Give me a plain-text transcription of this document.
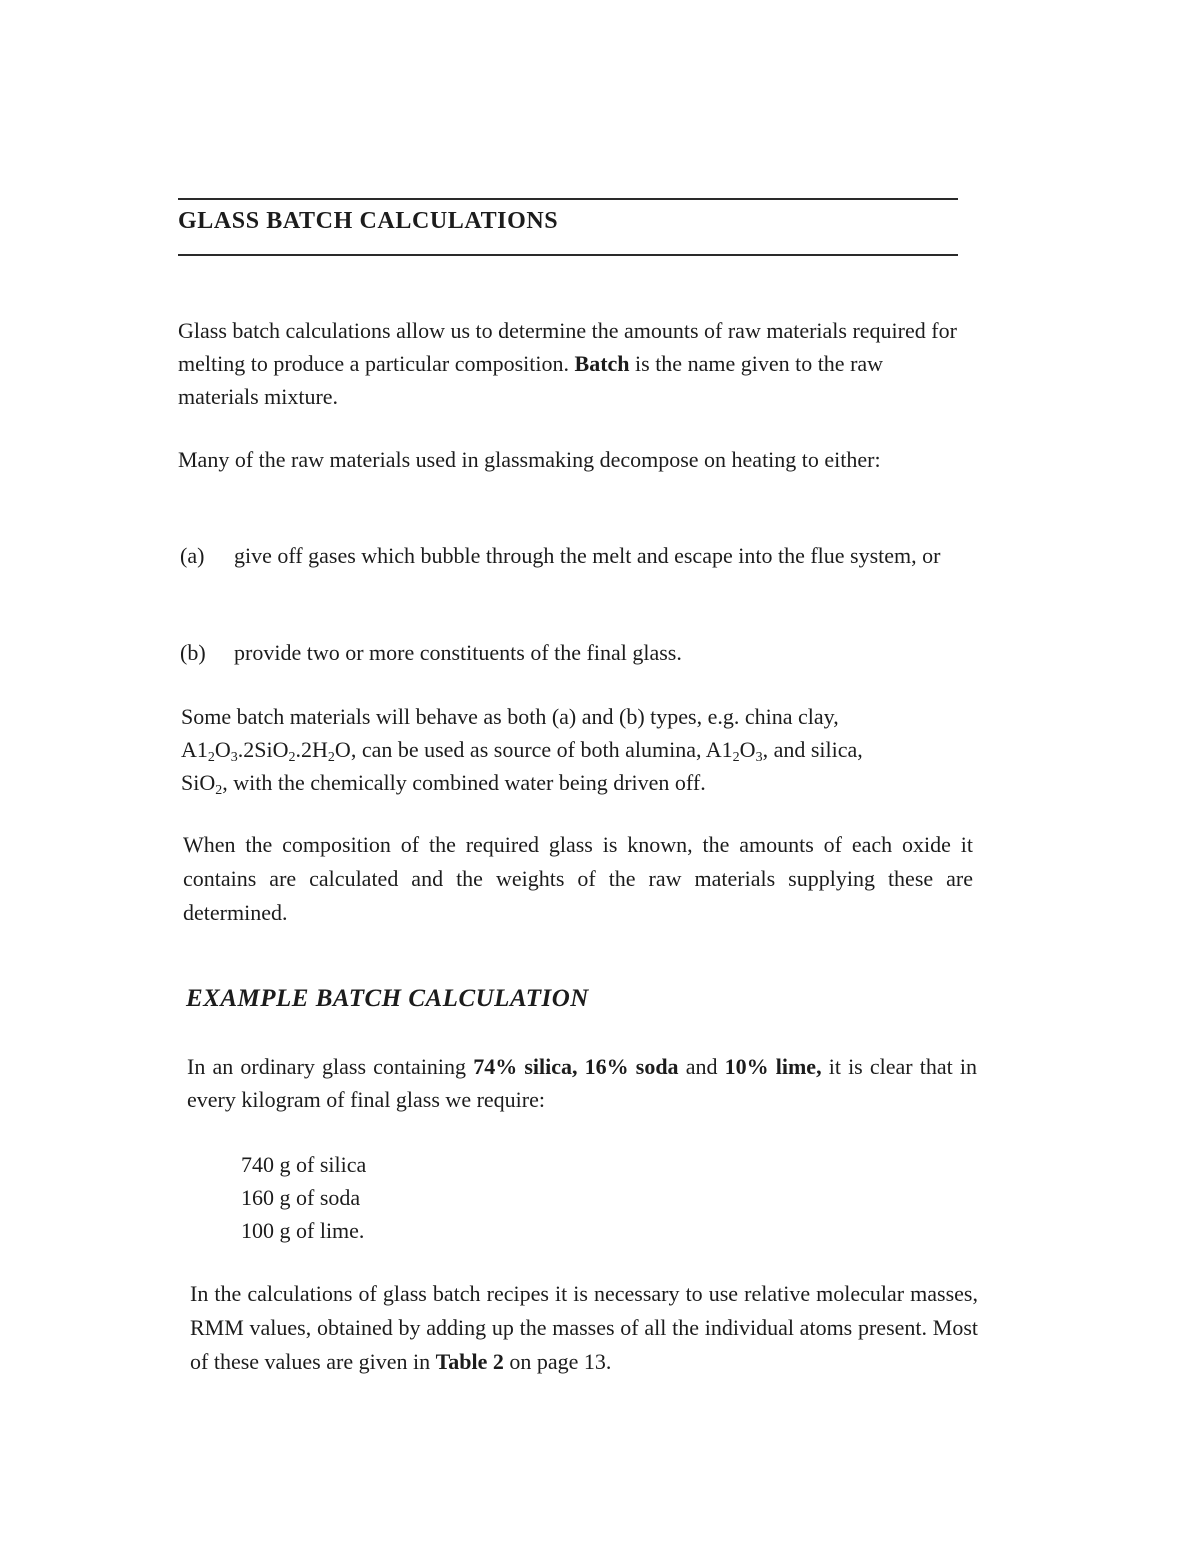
GLASS BATCH CALCULATIONS

Glass batch calculations allow us to determine the amounts of raw materials required for melting to produce a particular composition. Batch is the name given to the raw materials mixture.

Many of the raw materials used in glassmaking decompose on heating to either:

(a) give off gases which bubble through the melt and escape into the flue system, or
(b) provide two or more constituents of the final glass.

Some batch materials will behave as both (a) and (b) types, e.g. china clay,
$A1_2O_3.2SiO_2.2H_2O$, can be used as source of both alumina, $A1_2O_3$, and silica,
SiO$_2$, with the chemically combined water being driven off.

When the composition of the required glass is known, the amounts of each oxide it contains are calculated and the weights of the raw materials supplying these are determined.

EXAMPLE BATCH CALCULATION

In an ordinary glass containing 74% silica, 16% soda and 10% lime, it is clear that in every kilogram of final glass we require:

740 g of silica
160 g of soda
100 g of lime.

In the calculations of glass batch recipes it is necessary to use relative molecular masses, RMM values, obtained by adding up the masses of all the individual atoms present. Most of these values are given in Table 2 on page 13.
